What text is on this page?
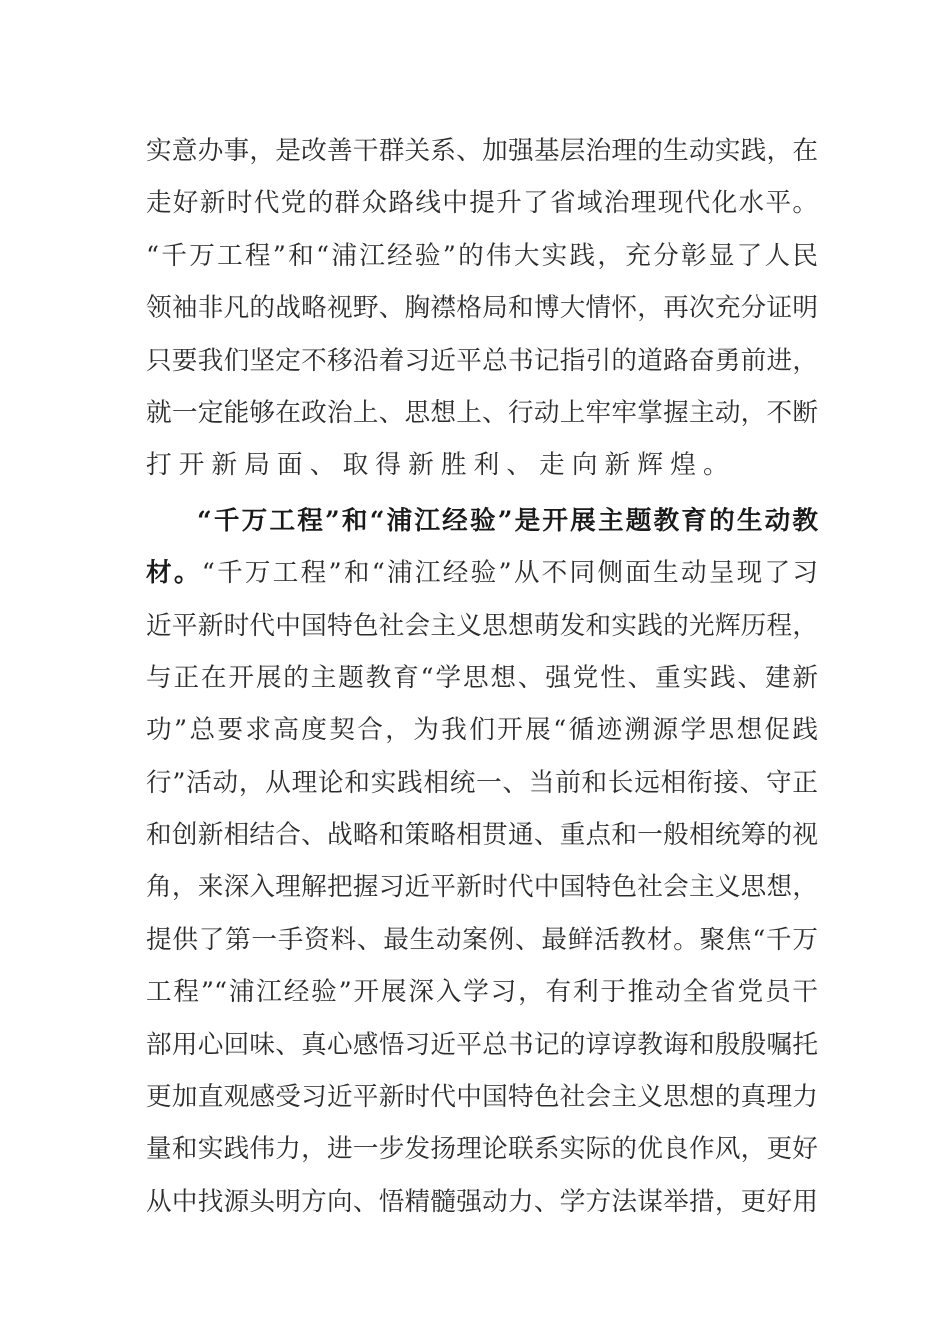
实意办事，是改善干群关系、加强基层治理的生动实践，在
走好新时代党的群众路线中提升了省域治理现代化水平。
“千万工程”和“浦江经验”的伟大实践，充分彰显了人民
领袖非凡的战略视野、胸襟格局和博大情怀，再次充分证明
只要我们坚定不移沿着习近平总书记指引的道路奋勇前进，
就一定能够在政治上、思想上、行动上牢牢掌握主动，不断
打开新局面、取得新胜利、走向新辉煌。
“千万工程”和“浦江经验”是开展主题教育的生动教
材。“千万工程”和“浦江经验”从不同侧面生动呈现了习
近平新时代中国特色社会主义思想萌发和实践的光辉历程，
与正在开展的主题教育“学思想、强党性、重实践、建新
功”总要求高度契合，为我们开展“循迹溯源学思想促践
行”活动，从理论和实践相统一、当前和长远相衔接、守正
和创新相结合、战略和策略相贯通、重点和一般相统筹的视
角，来深入理解把握习近平新时代中国特色社会主义思想，
提供了第一手资料、最生动案例、最鲜活教材。聚焦“千万
工程”“浦江经验”开展深入学习，有利于推动全省党员干
部用心回味、真心感悟习近平总书记的谆谆教诲和殷殷嘱托
更加直观感受习近平新时代中国特色社会主义思想的真理力
量和实践伟力，进一步发扬理论联系实际的优良作风，更好
从中找源头明方向、悟精髓强动力、学方法谋举措，更好用
